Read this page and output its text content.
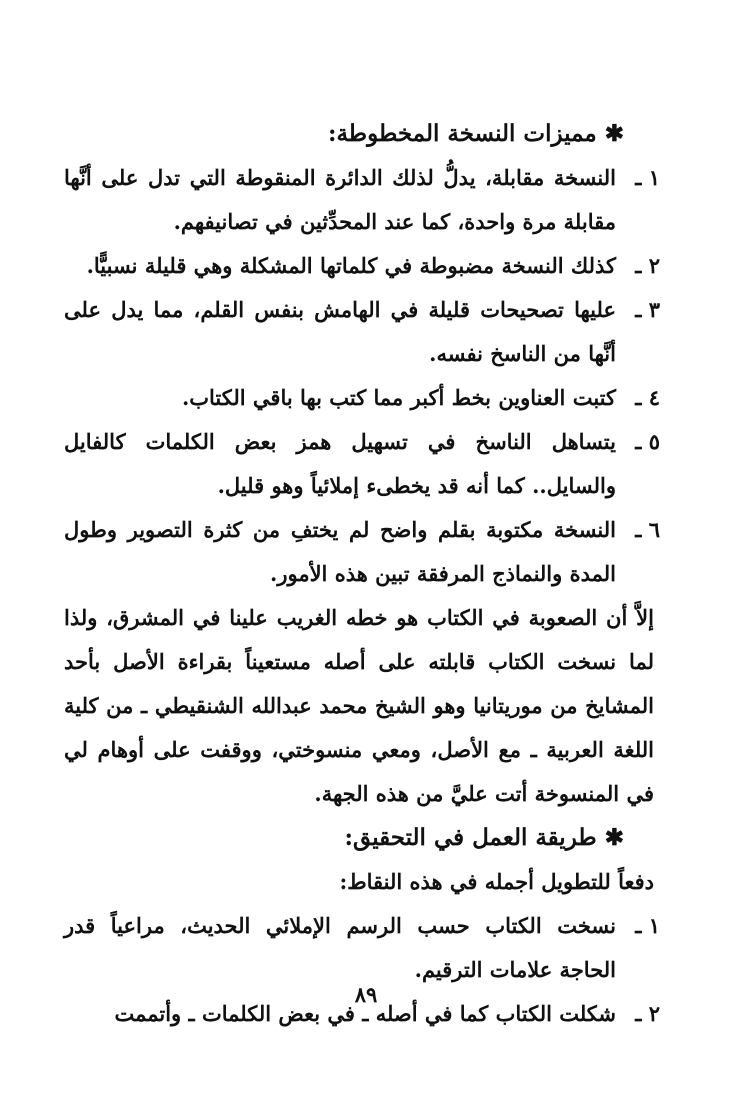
✱مميزات النسخة المخطوطة:
١ ـ
النسخة مقابلة، يدلُّ لذلك الدائرة المنقوطة التي تدل على أنَّها مقابلة مرة واحدة، كما عند المحدِّثين في تصانيفهم.
٢ ـ
كذلك النسخة مضبوطة في كلماتها المشكلة وهي قليلة نسبيًّا.
٣ ـ
عليها تصحيحات قليلة في الهامش بنفس القلم، مما يدل على أنَّها من الناسخ نفسه.
٤ ـ
كتبت العناوين بخط أكبر مما كتب بها باقي الكتاب.
٥ ـ
يتساهل الناسخ في تسهيل همز بعض الكلمات كالفايل والسايل.. كما أنه قد يخطىء إملائياً وهو قليل.
٦ ـ
النسخة مكتوبة بقلم واضح لم يختفِ من كثرة التصوير وطول المدة والنماذج المرفقة تبين هذه الأمور.
إلاَّ أن الصعوبة في الكتاب هو خطه الغريب علينا في المشرق، ولذا لما نسخت الكتاب قابلته على أصله مستعيناً بقراءة الأصل بأحد المشايخ من موريتانيا وهو الشيخ محمد عبدالله الشنقيطي ـ من كلية اللغة العربية ـ مع الأصل، ومعي منسوختي، ووقفت على أوهام لي في المنسوخة أتت عليَّ من هذه الجهة.
✱طريقة العمل في التحقيق:
دفعاً للتطويل أجمله في هذه النقاط:
١ ـ
نسخت الكتاب حسب الرسم الإملائي الحديث، مراعياً قدر الحاجة علامات الترقيم.
٢ ـ
شكلت الكتاب كما في أصله ـ في بعض الكلمات ـ وأتممت
٨٩
